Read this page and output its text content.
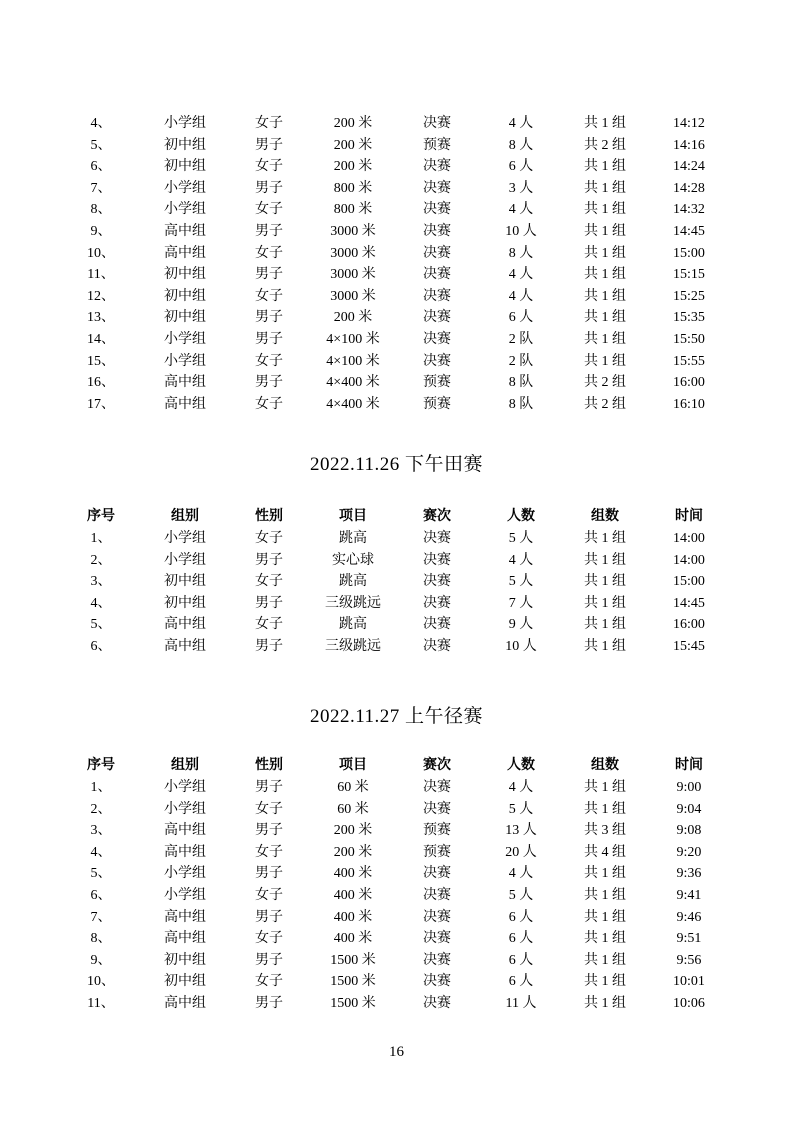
4、	小学组	女子	200 米	决赛	4 人	共 1 组	14:12
5、	初中组	男子	200 米	预赛	8 人	共 2 组	14:16
6、	初中组	女子	200 米	决赛	6 人	共 1 组	14:24
7、	小学组	男子	800 米	决赛	3 人	共 1 组	14:28
8、	小学组	女子	800 米	决赛	4 人	共 1 组	14:32
9、	高中组	男子	3000 米	决赛	10 人	共 1 组	14:45
10、	高中组	女子	3000 米	决赛	8 人	共 1 组	15:00
11、	初中组	男子	3000 米	决赛	4 人	共 1 组	15:15
12、	初中组	女子	3000 米	决赛	4 人	共 1 组	15:25
13、	初中组	男子	200 米	决赛	6 人	共 1 组	15:35
14、	小学组	男子	4×100 米	决赛	2 队	共 1 组	15:50
15、	小学组	女子	4×100 米	决赛	2 队	共 1 组	15:55
16、	高中组	男子	4×400 米	预赛	8 队	共 2 组	16:00
17、	高中组	女子	4×400 米	预赛	8 队	共 2 组	16:10
2022.11.26 下午田赛
序号	组别	性别	项目	赛次	人数	组数	时间
1、	小学组	女子	跳高	决赛	5 人	共 1 组	14:00
2、	小学组	男子	实心球	决赛	4 人	共 1 组	14:00
3、	初中组	女子	跳高	决赛	5 人	共 1 组	15:00
4、	初中组	男子	三级跳远	决赛	7 人	共 1 组	14:45
5、	高中组	女子	跳高	决赛	9 人	共 1 组	16:00
6、	高中组	男子	三级跳远	决赛	10 人	共 1 组	15:45
2022.11.27 上午径赛
序号	组别	性别	项目	赛次	人数	组数	时间
1、	小学组	男子	60 米	决赛	4 人	共 1 组	9:00
2、	小学组	女子	60 米	决赛	5 人	共 1 组	9:04
3、	高中组	男子	200 米	预赛	13 人	共 3 组	9:08
4、	高中组	女子	200 米	预赛	20 人	共 4 组	9:20
5、	小学组	男子	400 米	决赛	4 人	共 1 组	9:36
6、	小学组	女子	400 米	决赛	5 人	共 1 组	9:41
7、	高中组	男子	400 米	决赛	6 人	共 1 组	9:46
8、	高中组	女子	400 米	决赛	6 人	共 1 组	9:51
9、	初中组	男子	1500 米	决赛	6 人	共 1 组	9:56
10、	初中组	女子	1500 米	决赛	6 人	共 1 组	10:01
11、	高中组	男子	1500 米	决赛	11 人	共 1 组	10:06
16
